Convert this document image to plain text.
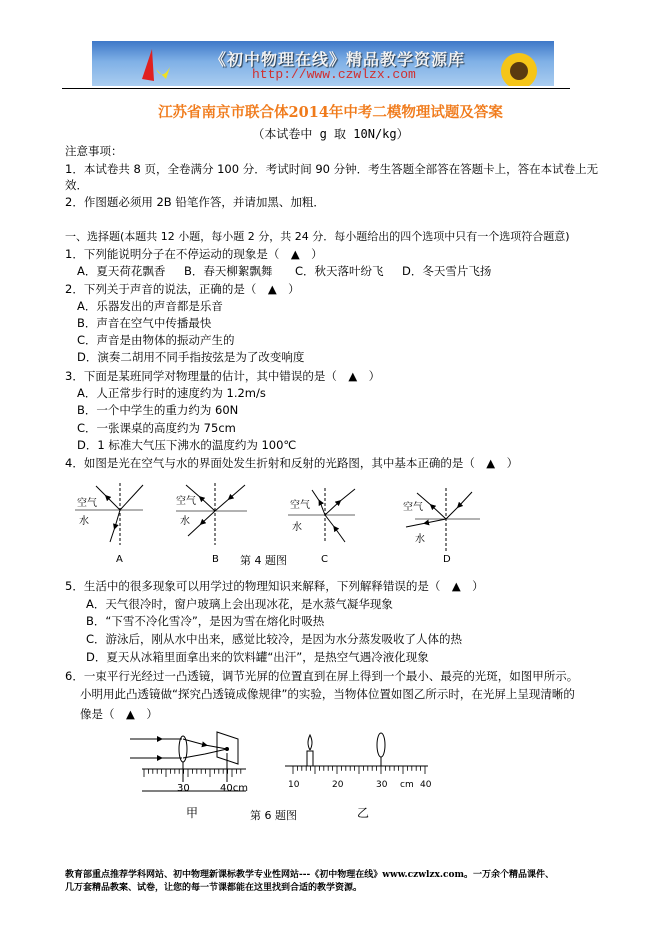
《初中物理在线》精品教学资源库
http://www.czwlzx.com
江苏省南京市联合体2014年中考二模物理试题及答案
（本试卷中 g 取 10N/kg）
注意事项：
1．本试卷共 8 页，全卷满分 100 分．考试时间 90 分钟．考生答题全部答在答题卡上，答在本试卷上无
效．
2．作图题必须用 2B 铅笔作答，并请加黑、加粗．
一、选择题(本题共 12 小题，每小题 2 分，共 24 分．每小题给出的四个选项中只有一个选项符合题意)
1．下列能说明分子在不停运动的现象是（　▲　）
A．夏天荷花飘香 B．春天柳絮飘舞 C．秋天落叶纷飞 D．冬天雪片飞扬
2．下列关于声音的说法，正确的是（　▲　）
A．乐器发出的声音都是乐音
B．声音在空气中传播最快
C．声音是由物体的振动产生的
D．演奏二胡用不同手指按弦是为了改变响度
3．下面是某班同学对物理量的估计，其中错误的是（　▲　）
A．人正常步行时的速度约为 1.2m/s
B．一个中学生的重力约为 60N
C．一张课桌的高度约为 75cm
D．1 标准大气压下沸水的温度约为 100℃
4．如图是光在空气与水的界面处发生折射和反射的光路图，其中基本正确的是（　▲　）
空气
水
空气
水
空气
水
空气
水
A	B 第 4 题图	C	D
5．生活中的很多现象可以用学过的物理知识来解释，下列解释错误的是（　▲　）
A．天气很冷时，窗户玻璃上会出现冰花，是水蒸气凝华现象
B．“下雪不冷化雪冷”，是因为雪在熔化时吸热
C．游泳后，刚从水中出来，感觉比较冷，是因为水分蒸发吸收了人体的热
D．夏天从冰箱里面拿出来的饮料罐“出汗”，是热空气遇冷液化现象
6．一束平行光经过一凸透镜，调节光屏的位置直到在屏上得到一个最小、最亮的光斑，如图甲所示。
小明用此凸透镜做“探究凸透镜成像规律”的实验，当物体位置如图乙所示时，在光屏上呈现清晰的
像是（　▲　）
30	40cm	10	20	30 cm 40
甲	第 6 题图	乙
教育部重点推荐学科网站、初中物理新课标教学专业性网站---《初中物理在线》www.czwlzx.com。一万余个精品课件、
几万套精品教案、试卷，让您的每一节课都能在这里找到合适的教学资源。
